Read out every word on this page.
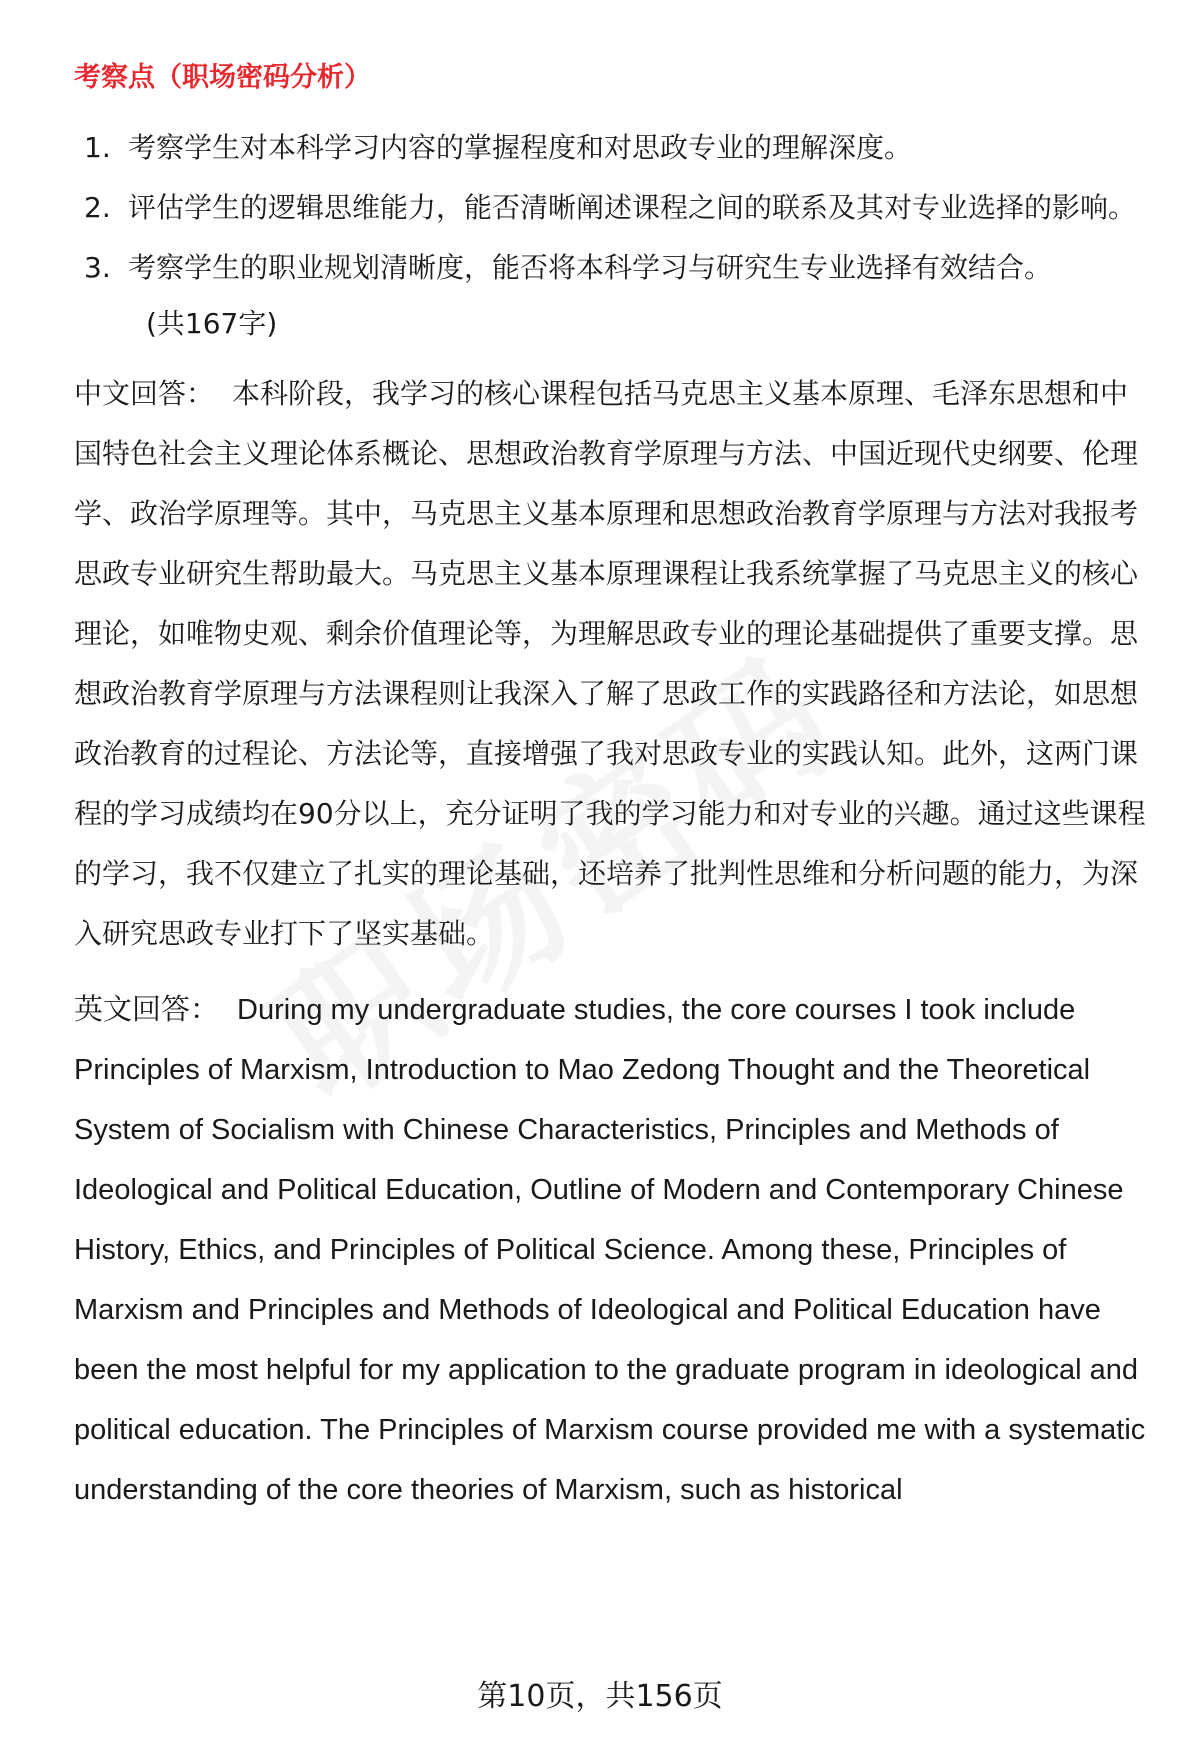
考察点（职场密码分析）
1. 考察学生对本科学习内容的掌握程度和对思政专业的理解深度。
2. 评估学生的逻辑思维能力，能否清晰阐述课程之间的联系及其对专业选择的影响。
3. 考察学生的职业规划清晰度，能否将本科学习与研究生专业选择有效结合。
(共167字)

中文回答： 本科阶段，我学习的核心课程包括马克思主义基本原理、毛泽东思想和中国特色社会主义理论体系概论、思想政治教育学原理与方法、中国近现代史纲要、伦理学、政治学原理等。其中，马克思主义基本原理和思想政治教育学原理与方法对我报考思政专业研究生帮助最大。马克思主义基本原理课程让我系统掌握了马克思主义的核心理论，如唯物史观、剩余价值理论等，为理解思政专业的理论基础提供了重要支撑。思想政治教育学原理与方法课程则让我深入了解了思政工作的实践路径和方法论，如思想政治教育的过程论、方法论等，直接增强了我对思政专业的实践认知。此外，这两门课程的学习成绩均在90分以上，充分证明了我的学习能力和对专业的兴趣。通过这些课程的学习，我不仅建立了扎实的理论基础，还培养了批判性思维和分析问题的能力，为深入研究思政专业打下了坚实基础。

英文回答： During my undergraduate studies, the core courses I took include Principles of Marxism, Introduction to Mao Zedong Thought and the Theoretical System of Socialism with Chinese Characteristics, Principles and Methods of Ideological and Political Education, Outline of Modern and Contemporary Chinese History, Ethics, and Principles of Political Science. Among these, Principles of Marxism and Principles and Methods of Ideological and Political Education have been the most helpful for my application to the graduate program in ideological and political education. The Principles of Marxism course provided me with a systematic understanding of the core theories of Marxism, such as historical

第10页，共156页
